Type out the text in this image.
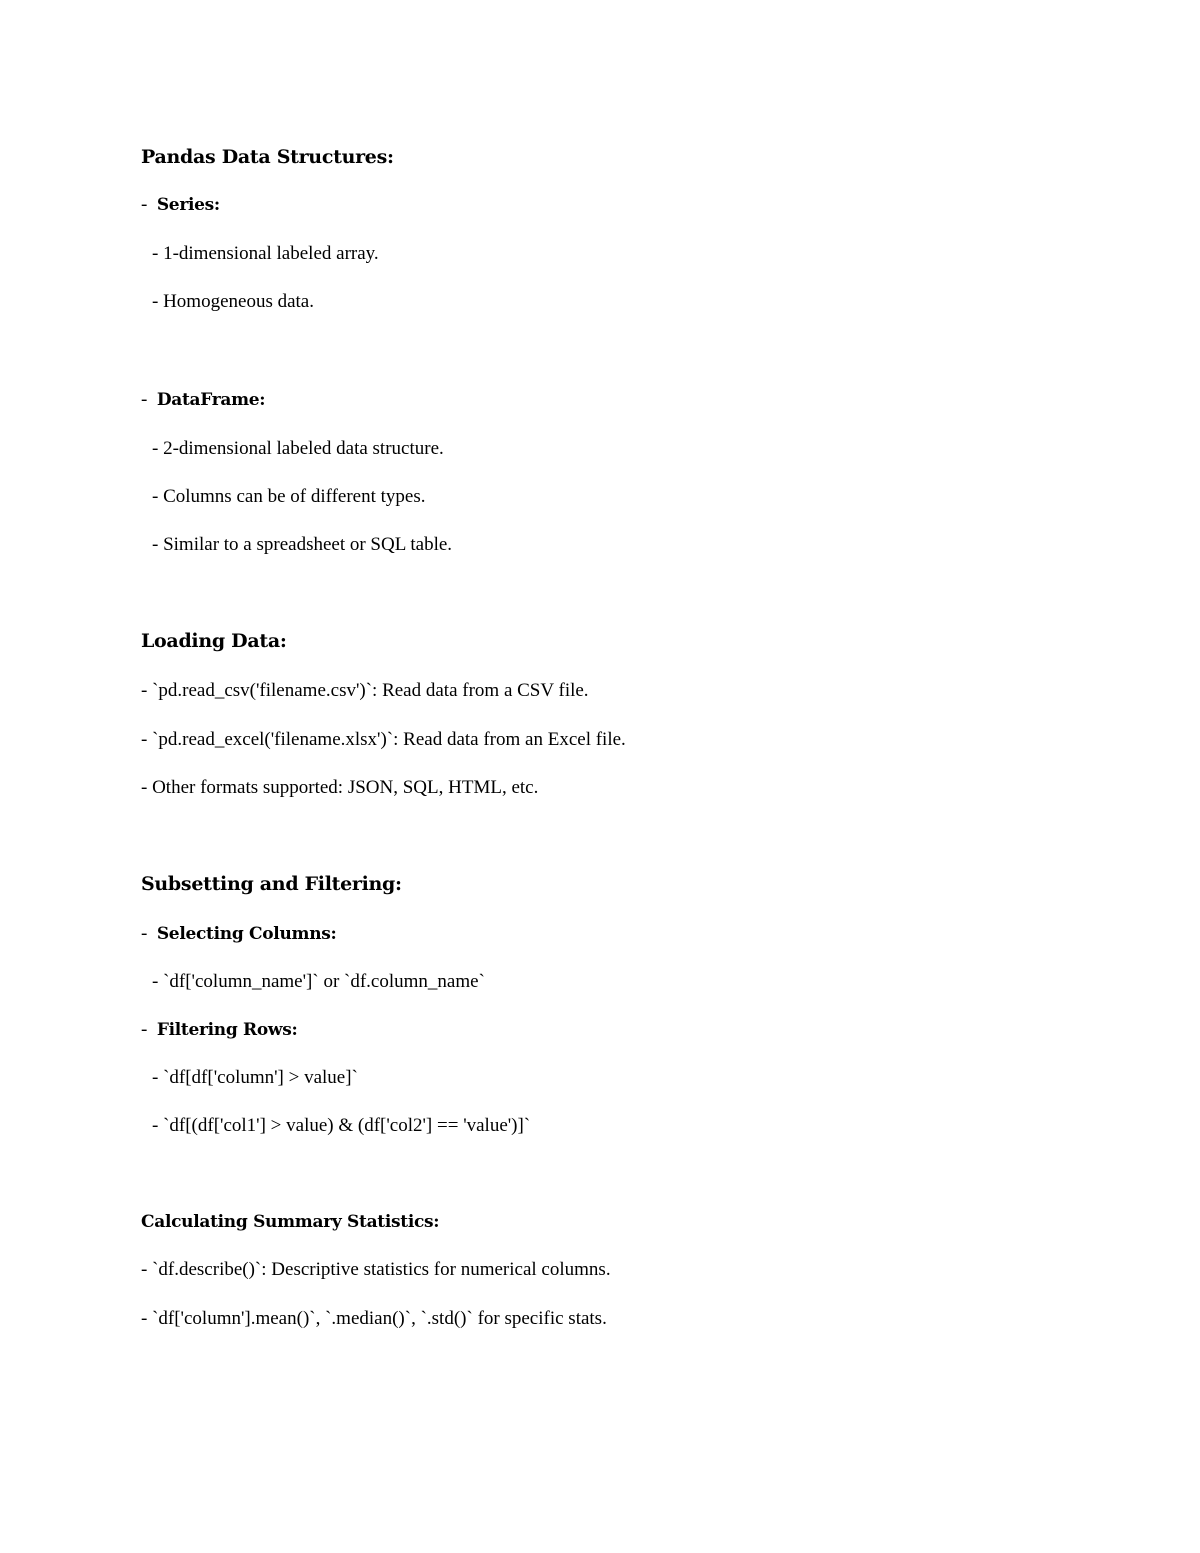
Pandas Data Structures:
- Series:
- 1-dimensional labeled array.
- Homogeneous data.
- DataFrame:
- 2-dimensional labeled data structure.
- Columns can be of different types.
- Similar to a spreadsheet or SQL table.
Loading Data:
- `pd.read_csv('filename.csv')`: Read data from a CSV file.
- `pd.read_excel('filename.xlsx')`: Read data from an Excel file.
- Other formats supported: JSON, SQL, HTML, etc.
Subsetting and Filtering:
- Selecting Columns:
- `df['column_name']` or `df.column_name`
- Filtering Rows:
- `df[df['column'] > value]`
- `df[(df['col1'] > value) & (df['col2'] == 'value')]`
Calculating Summary Statistics:
- `df.describe()`: Descriptive statistics for numerical columns.
- `df['column'].mean()`, `.median()`, `.std()` for specific stats.
